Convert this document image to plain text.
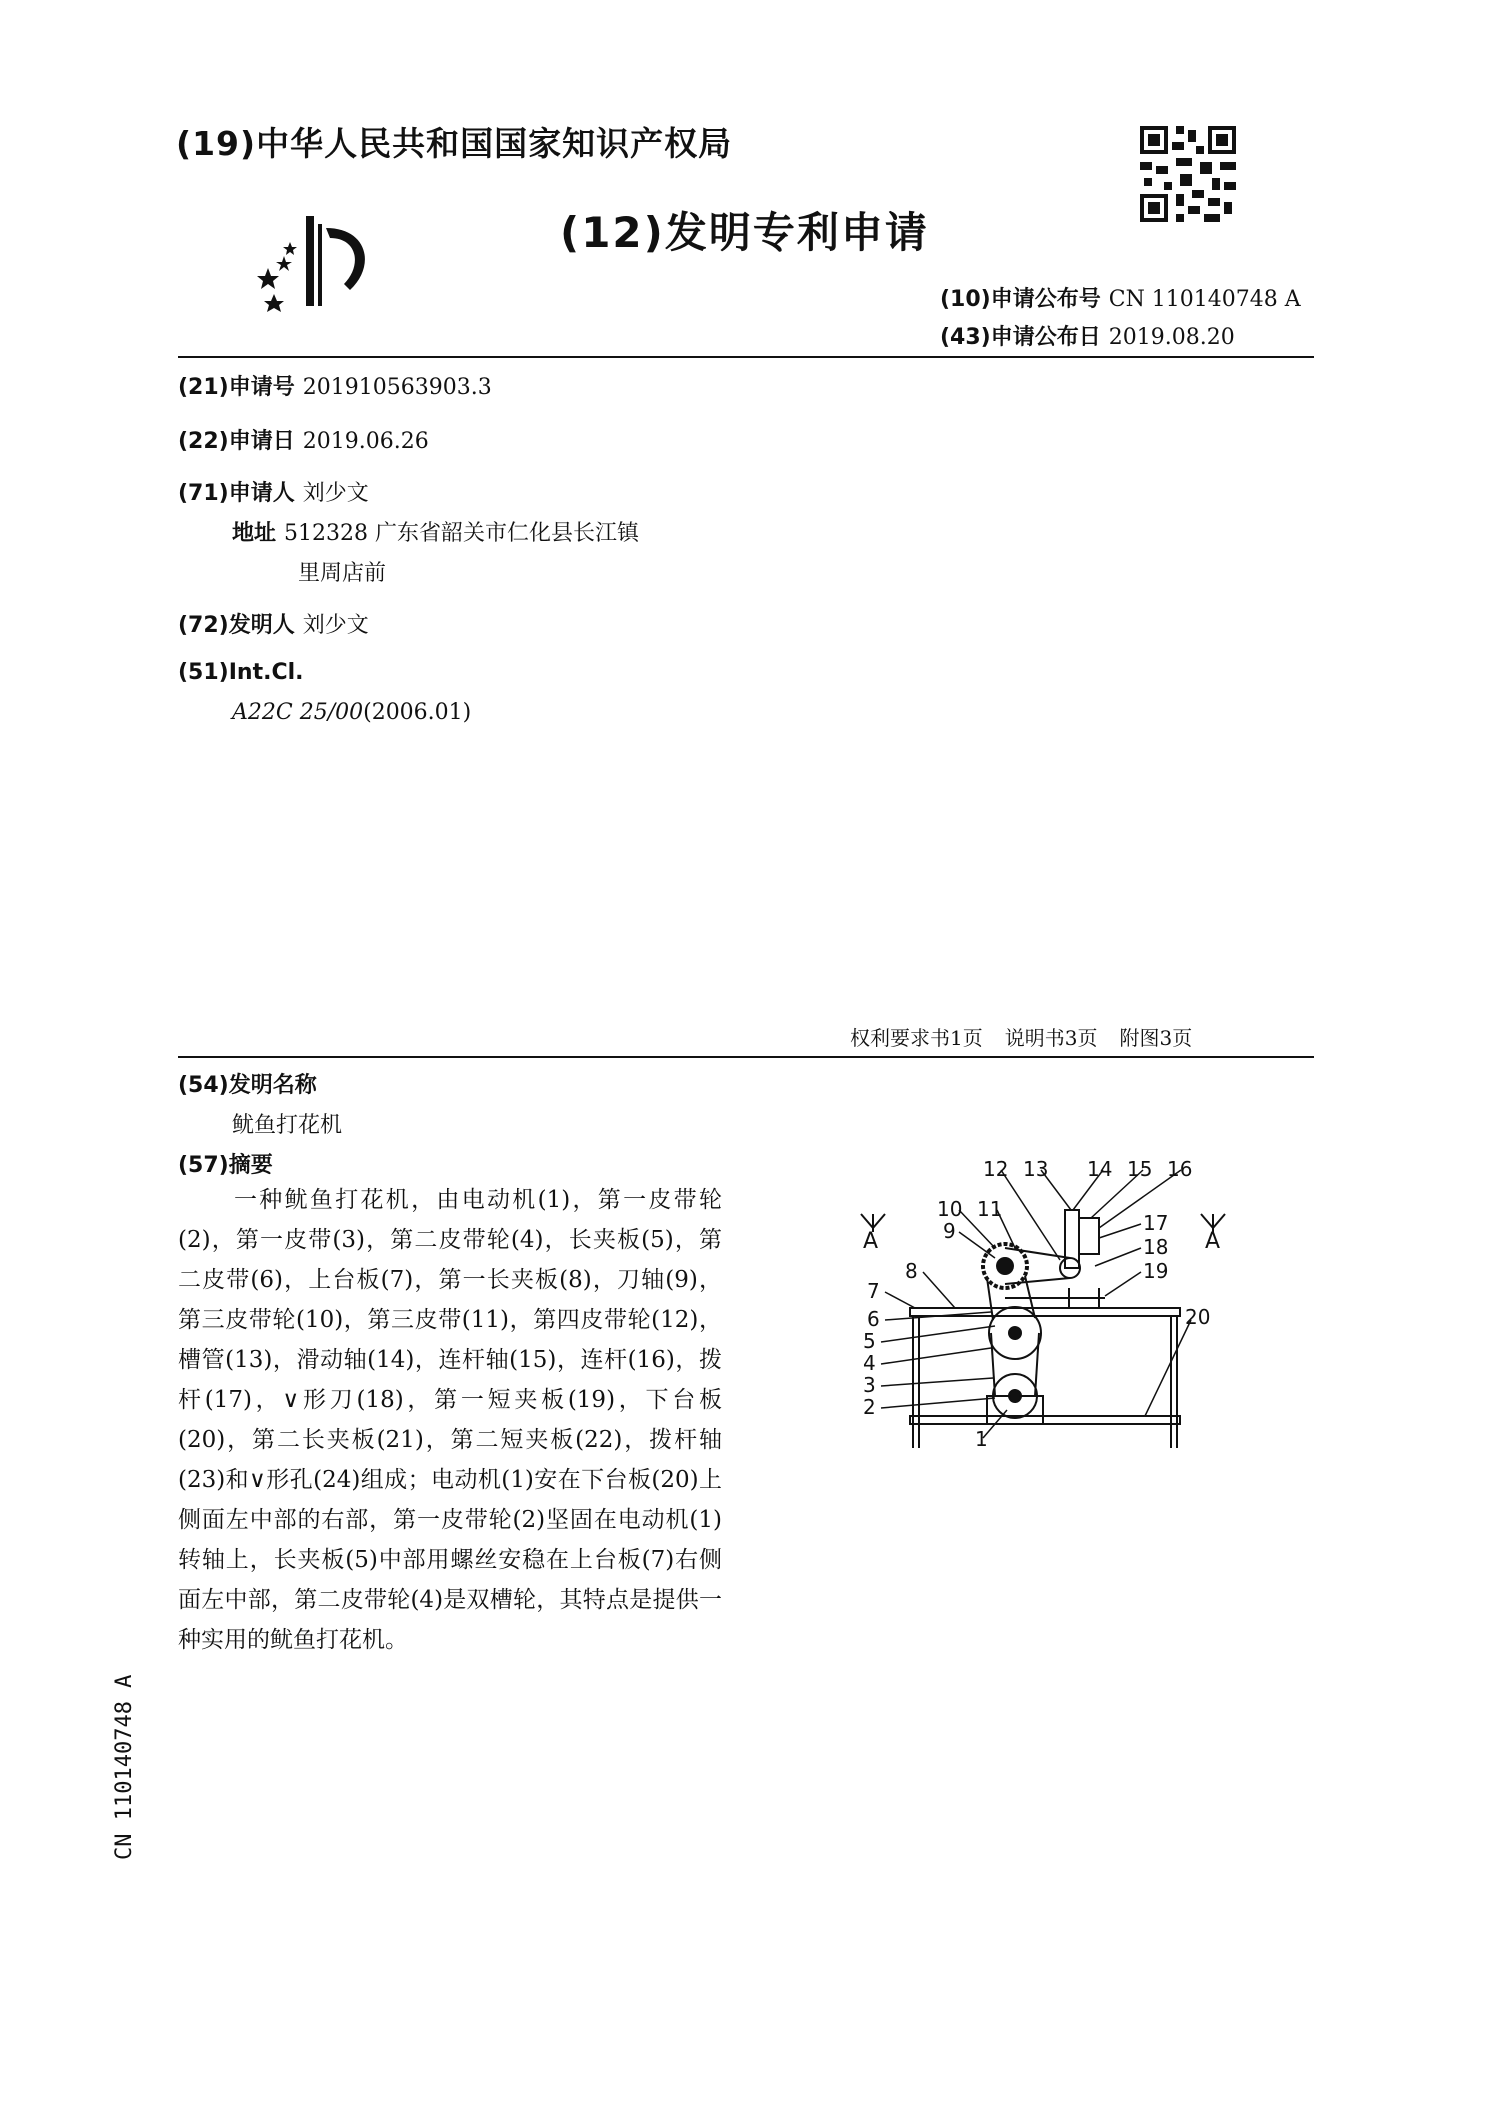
(19)中华人民共和国国家知识产权局
(12)发明专利申请
(10)申请公布号 CN 110140748 A
(43)申请公布日 2019.08.20
(21)申请号 201910563903.3
(22)申请日 2019.06.26
(71)申请人 刘少文
地址 512328 广东省韶关市仁化县长江镇
里周店前
(72)发明人 刘少文
(51)Int.Cl.
A22C 25/00(2006.01)
权利要求书1页 说明书3页 附图3页
(54)发明名称
鱿鱼打花机
(57)摘要
一种鱿鱼打花机，由电动机(1)，第一皮带轮(2)，第一皮带(3)，第二皮带轮(4)，长夹板(5)，第二皮带(6)，上台板(7)，第一长夹板(8)，刀轴(9)，第三皮带轮(10)，第三皮带(11)，第四皮带轮(12)，槽管(13)，滑动轴(14)，连杆轴(15)，连杆(16)，拨杆(17)，∨形刀(18)，第一短夹板(19)，下台板(20)，第二长夹板(21)，第二短夹板(22)，拨杆轴(23)和∨形孔(24)组成；电动机(1)安在下台板(20)上侧面左中部的右部，第一皮带轮(2)坚固在电动机(1)转轴上，长夹板(5)中部用螺丝安稳在上台板(7)右侧面左中部，第二皮带轮(4)是双槽轮，其特点是提供一种实用的鱿鱼打花机。
A	A
1
2
3
4
5
6
7
8
9
10 11
12 13 14 15 16
17
18
19
20
CN 110140748 A
